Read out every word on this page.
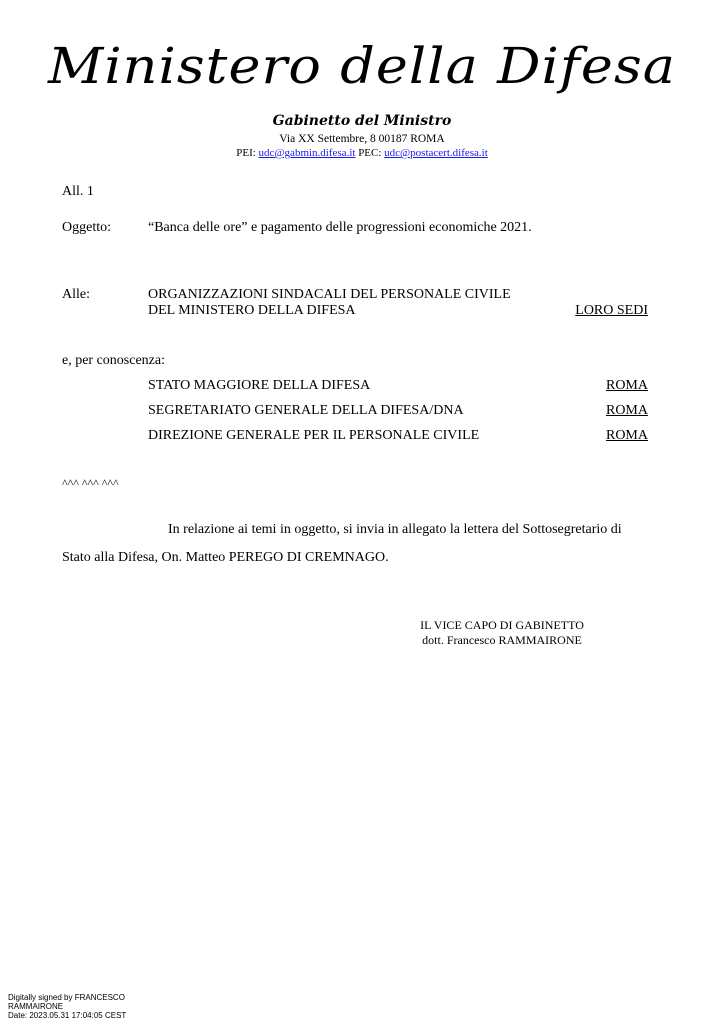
Ministero della Difesa
Gabinetto del Ministro
Via XX Settembre, 8 00187 ROMA
PEI: udc@gabmin.difesa.it PEC: udc@postacert.difesa.it
All. 1
Oggetto:	“Banca delle ore” e pagamento delle progressioni economiche 2021.
Alle:	ORGANIZZAZIONI SINDACALI DEL PERSONALE CIVILE
DEL MINISTERO DELLA DIFESA	LORO SEDI
e, per conoscenza:
STATO MAGGIORE DELLA DIFESA	ROMA
SEGRETARIATO GENERALE DELLA DIFESA/DNA	ROMA
DIREZIONE GENERALE PER IL PERSONALE CIVILE	ROMA
^^^ ^^^ ^^^
In relazione ai temi in oggetto, si invia in allegato la lettera del Sottosegretario di
Stato alla Difesa, On. Matteo PEREGO DI CREMNAGO.
IL VICE CAPO DI GABINETTO
dott. Francesco RAMMAIRONE
Digitally signed by FRANCESCO
RAMMAIRONE
Date: 2023.05.31 17:04:05 CEST
